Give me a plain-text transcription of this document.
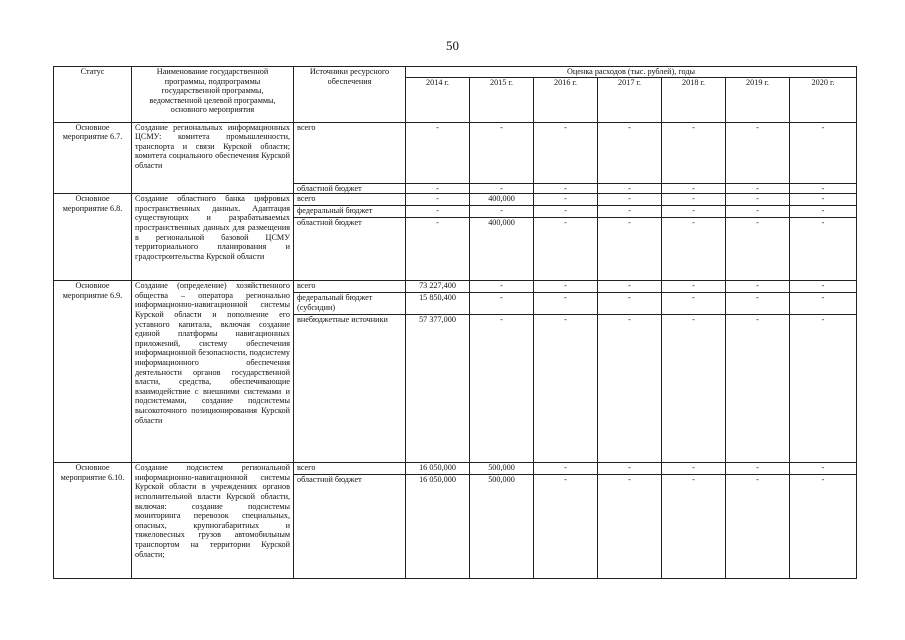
50
Статус	Наименование государственной программы, подпрограммы государственной программы, ведомственной целевой программы, основного мероприятия	Источники ресурсного обеспечения	Оценка расходов (тыс. рублей), годы						
			2014 г.	2015 г.	2016 г.	2017 г.	2018 г.	2019 г.	2020 г.
Основное мероприятие 6.7.	Создание региональных информационных ЦСМУ: комитета промышленности, транспорта и связи Курской области; комитета социального обеспечения Курской области	всего	-	-	-	-	-	-	-
		областной бюджет	-	-	-	-	-	-	-
Основное мероприятие 6.8.	Создание областного банка цифровых пространственных данных. Адаптация существующих и разрабатываемых пространственных данных для размещения в региональной базовой ЦСМУ территориального планирования и градостроительства Курской области	всего	-	400,000	-	-	-	-	-
		федеральный бюджет	-	-	-	-	-	-	-
		областной бюджет	-	400,000	-	-	-	-	-
Основное мероприятие 6.9.	Создание (определение) хозяйственного общества – оператора регионально информационно-навигационной системы Курской области и пополнение его уставного капитала, включая создание единой платформы навигационных приложений, систему обеспечения информационной безопасности, подсистему информационного обеспечения деятельности органов государственной власти, средства, обеспечивающие взаимодействие с внешними системами и подсистемами, создание подсистемы высокоточного позиционирования Курской области	всего	73 227,400	-	-	-	-	-	-
		федеральный бюджет (субсидии)	15 850,400	-	-	-	-	-	-
		внебюджетные источники	57 377,000	-	-	-	-	-	-
Основное мероприятие 6.10.	Создание подсистем региональной информационно-навигационной системы Курской области в учреждениях органов исполнительной власти Курской области, включая: создание подсистемы мониторинга перевозок специальных, опасных, крупногабаритных и тяжеловесных грузов автомобильным транспортом на территории Курской области;	всего	16 050,000	500,000	-	-	-	-	-
		областной бюджет	16 050,000	500,000	-	-	-	-	-
